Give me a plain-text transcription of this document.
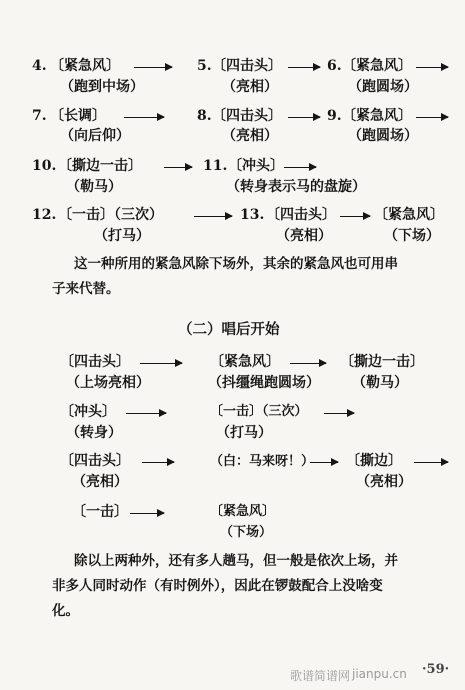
4. 〔紧急风〕
（跑到中场）
5. 〔四击头〕
（亮相）
6. 〔紧急风〕
（跑圆场）
7. 〔长调〕
（向后仰）
8. 〔四击头〕
（亮相）
9. 〔紧急风〕
（跑圆场）
10. 〔撕边一击〕
（勒马）
11. 〔冲头〕
（转身表示马的盘旋）
12. 〔一击〕（三次）
（打马）
13. 〔四击头〕
（亮相）
〔紧急风〕
（下场）
这一种所用的紧急风除下场外，其余的紧急风也可用串
子来代替。
（二）唱后开始
〔四击头〕
（上场亮相）
〔紧急风〕
（抖缰绳跑圆场）
〔撕边一击〕
（勒马）
〔冲头〕
（转身）
〔一击〕（三次）
（打马）
〔四击头〕
（亮相）
（白：马来呀！） 〔撕边〕
（亮相）
〔一击〕	〔紧急风〕
（下场）
除以上两种外，还有多人趟马，但一般是依次上场，并
非多人同时动作（有时例外），因此在锣鼓配合上没啥变
化。
歌谱简谱网 jianpu.cn ·59·
